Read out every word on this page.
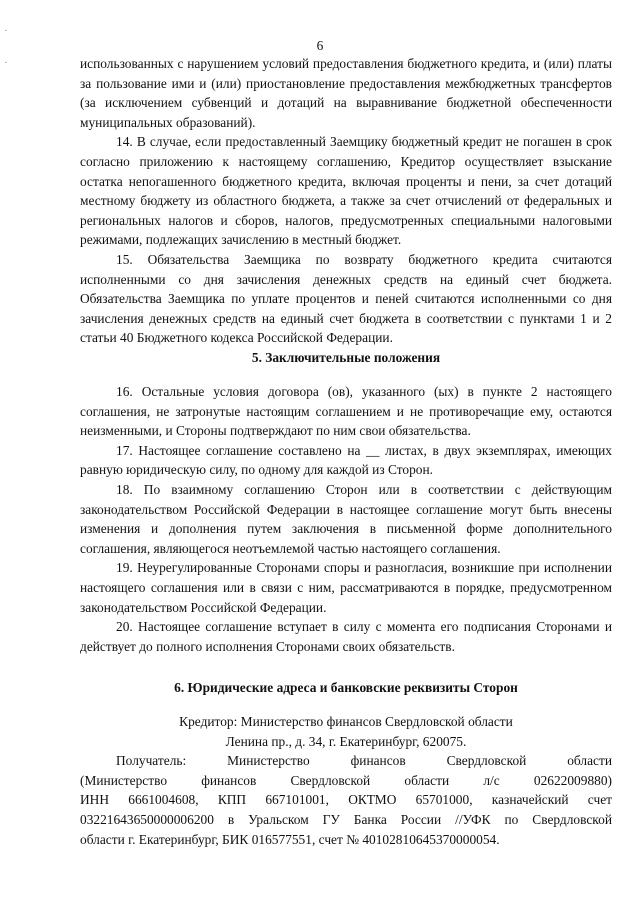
6

использованных с нарушением условий предоставления бюджетного кредита, и (или) платы за пользование ими и (или) приостановление предоставления межбюджетных трансфертов (за исключением субвенций и дотаций на выравнивание бюджетной обеспеченности муниципальных образований).

14. В случае, если предоставленный Заемщику бюджетный кредит не погашен в срок согласно приложению к настоящему соглашению, Кредитор осуществляет взыскание остатка непогашенного бюджетного кредита, включая проценты и пени, за счет дотаций местному бюджету из областного бюджета, а также за счет отчислений от федеральных и региональных налогов и сборов, налогов, предусмотренных специальными налоговыми режимами, подлежащих зачислению в местный бюджет.

15. Обязательства Заемщика по возврату бюджетного кредита считаются исполненными со дня зачисления денежных средств на единый счет бюджета. Обязательства Заемщика по уплате процентов и пеней считаются исполненными со дня зачисления денежных средств на единый счет бюджета в соответствии с пунктами 1 и 2 статьи 40 Бюджетного кодекса Российской Федерации.

5. Заключительные положения

16. Остальные условия договора (ов), указанного (ых) в пункте 2 настоящего соглашения, не затронутые настоящим соглашением и не противоречащие ему, остаются неизменными, и Стороны подтверждают по ним свои обязательства.

17. Настоящее соглашение составлено на __ листах, в двух экземплярах, имеющих равную юридическую силу, по одному для каждой из Сторон.

18. По взаимному соглашению Сторон или в соответствии с действующим законодательством Российской Федерации в настоящее соглашение могут быть внесены изменения и дополнения путем заключения в письменной форме дополнительного соглашения, являющегося неотъемлемой частью настоящего соглашения.

19. Неурегулированные Сторонами споры и разногласия, возникшие при исполнении настоящего соглашения или в связи с ним, рассматриваются в порядке, предусмотренном законодательством Российской Федерации.

20. Настоящее соглашение вступает в силу с момента его подписания Сторонами и действует до полного исполнения Сторонами своих обязательств.

6. Юридические адреса и банковские реквизиты Сторон

Кредитор: Министерство финансов Свердловской области

Ленина пр., д. 34, г. Екатеринбург, 620075.

Получатель: Министерство финансов Свердловской области

(Министерство финансов Свердловской области л/с 02622009880)

ИНН 6661004608, КПП 667101001, ОКТМО 65701000, казначейский счет

03221643650000006200 в Уральском ГУ Банка России //УФК по Свердловской

области г. Екатеринбург, БИК 016577551, счет № 40102810645370000054.
